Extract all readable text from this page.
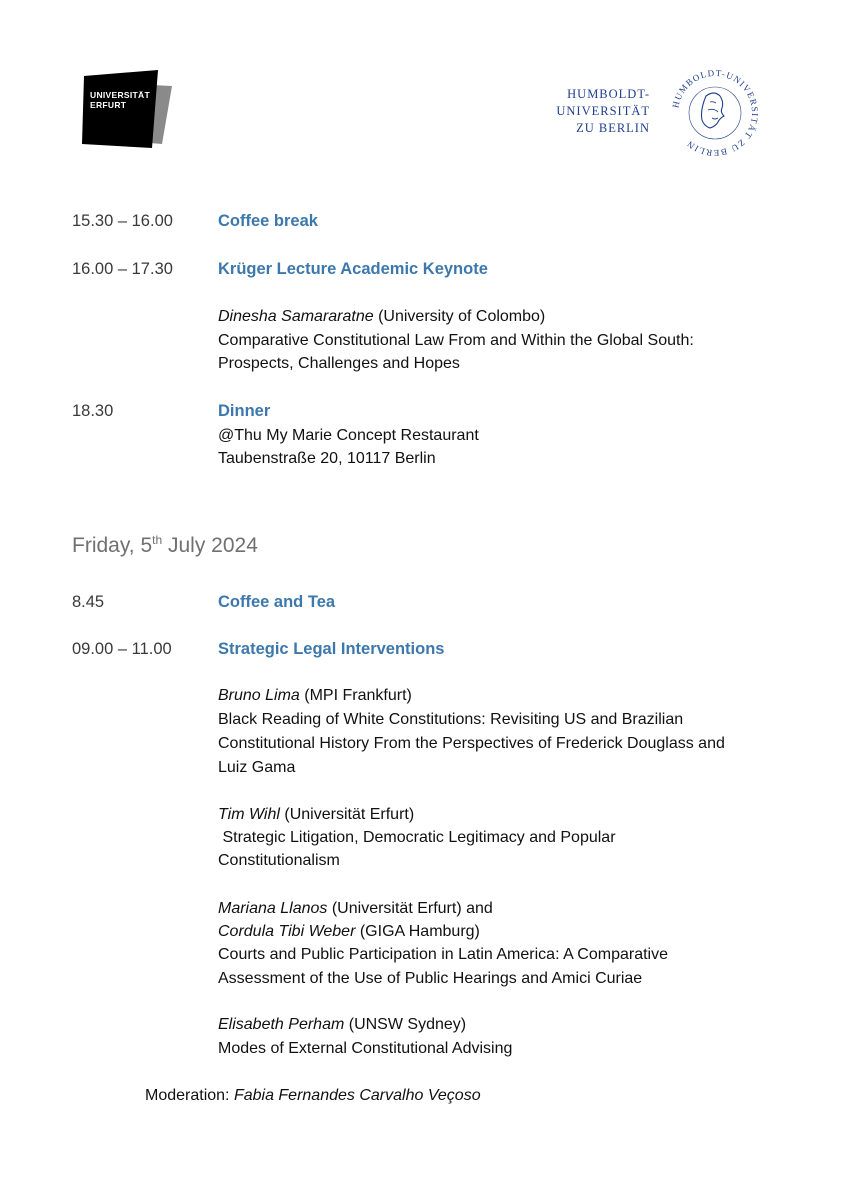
UNIVERSITÄT
ERFURT
HUMBOLDT-
UNIVERSITÄT
ZU BERLIN
HUMBOLDT-UNIVERSITÄT ZU BERLIN
15.30 – 16.00	Coffee break
16.00 – 17.30	Krüger Lecture Academic Keynote
Dinesha Samararatne (University of Colombo)
Comparative Constitutional Law From and Within the Global South:
Prospects, Challenges and Hopes
18.30	Dinner
@Thu My Marie Concept Restaurant
Taubenstraße 20, 10117 Berlin
Friday, 5th July 2024
8.45	Coffee and Tea
09.00 – 11.00	Strategic Legal Interventions
Bruno Lima (MPI Frankfurt)
Black Reading of White Constitutions: Revisiting US and Brazilian
Constitutional History From the Perspectives of Frederick Douglass and
Luiz Gama
Tim Wihl (Universität Erfurt)
Strategic Litigation, Democratic Legitimacy and Popular
Constitutionalism
Mariana Llanos (Universität Erfurt) and
Cordula Tibi Weber (GIGA Hamburg)
Courts and Public Participation in Latin America: A Comparative
Assessment of the Use of Public Hearings and Amici Curiae
Elisabeth Perham (UNSW Sydney)
Modes of External Constitutional Advising
Moderation: Fabia Fernandes Carvalho Veçoso
